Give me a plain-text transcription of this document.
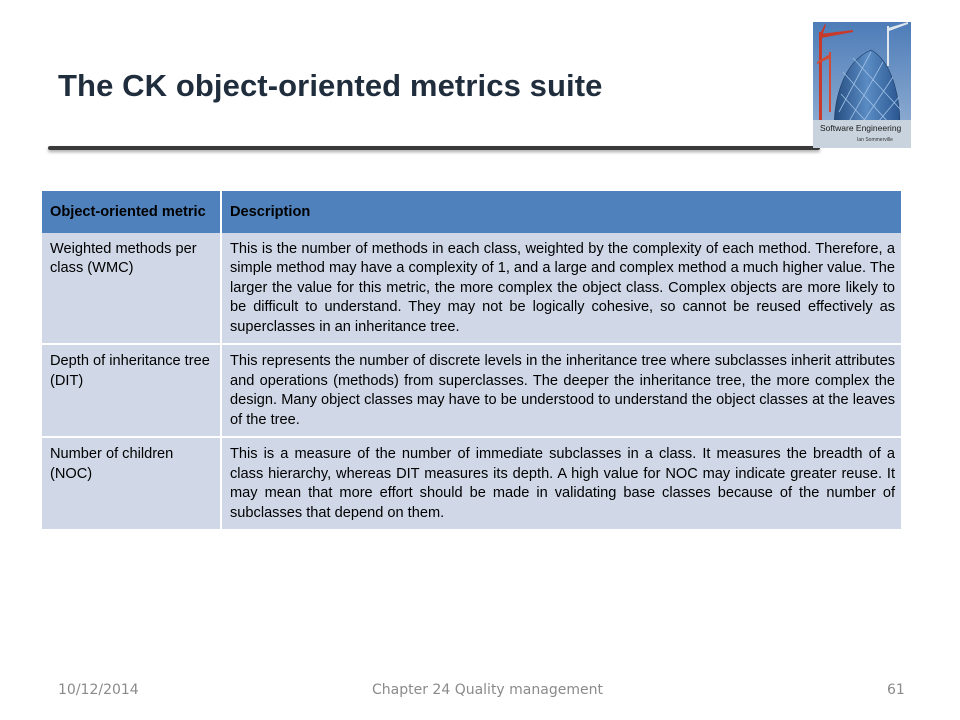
The CK object-oriented metrics suite
Software Engineering
Ian Sommerville
Object-oriented metric	Description
Weighted methods per class (WMC)	This is the number of methods in each class, weighted by the complexity of each method. Therefore, a simple method may have a complexity of 1, and a large and complex method a much higher value. The larger the value for this metric, the more complex the object class. Complex objects are more likely to be difficult to understand. They may not be logically cohesive, so cannot be reused effectively as superclasses in an inheritance tree.
Depth of inheritance tree (DIT)	This represents the number of discrete levels in the inheritance tree where subclasses inherit attributes and operations (methods) from superclasses. The deeper the inheritance tree, the more complex the design. Many object classes may have to be understood to understand the object classes at the leaves of the tree.
Number of children (NOC)	This is a measure of the number of immediate subclasses in a class. It measures the breadth of a class hierarchy, whereas DIT measures its depth. A high value for NOC may indicate greater reuse. It may mean that more effort should be made in validating base classes because of the number of subclasses that depend on them.
10/12/2014	Chapter 24 Quality management	61
